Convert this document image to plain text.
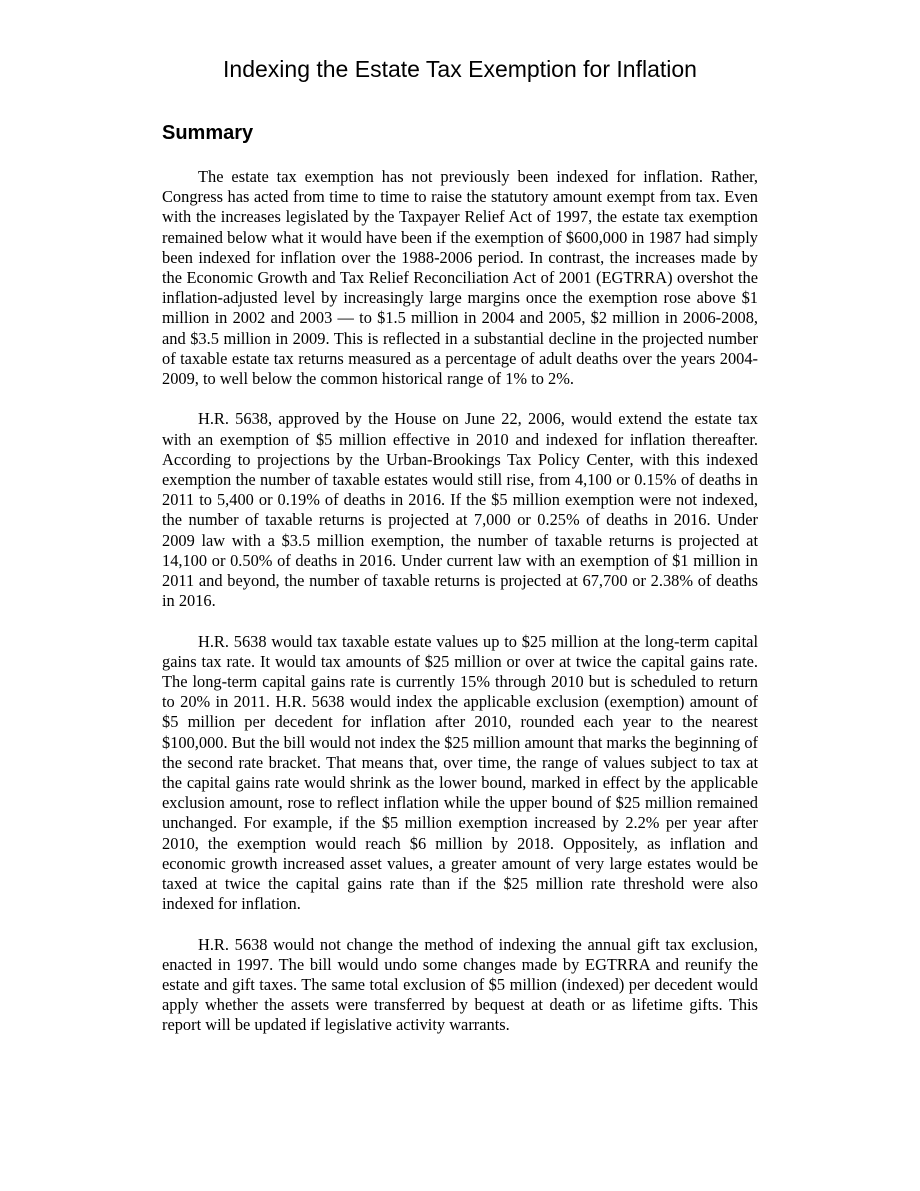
Indexing the Estate Tax Exemption for Inflation
Summary

The estate tax exemption has not previously been indexed for inflation. Rather, Congress has acted from time to time to raise the statutory amount exempt from tax. Even with the increases legislated by the Taxpayer Relief Act of 1997, the estate tax exemption remained below what it would have been if the exemption of $600,000 in 1987 had simply been indexed for inflation over the 1988-2006 period. In contrast, the increases made by the Economic Growth and Tax Relief Reconciliation Act of 2001 (EGTRRA) overshot the inflation-adjusted level by increasingly large margins once the exemption rose above $1 million in 2002 and 2003 — to $1.5 million in 2004 and 2005, $2 million in 2006-2008, and $3.5 million in 2009. This is reflected in a substantial decline in the projected number of taxable estate tax returns measured as a percentage of adult deaths over the years 2004-2009, to well below the common historical range of 1% to 2%.

H.R. 5638, approved by the House on June 22, 2006, would extend the estate tax with an exemption of $5 million effective in 2010 and indexed for inflation thereafter. According to projections by the Urban-Brookings Tax Policy Center, with this indexed exemption the number of taxable estates would still rise, from 4,100 or 0.15% of deaths in 2011 to 5,400 or 0.19% of deaths in 2016. If the $5 million exemption were not indexed, the number of taxable returns is projected at 7,000 or 0.25% of deaths in 2016. Under 2009 law with a $3.5 million exemption, the number of taxable returns is projected at 14,100 or 0.50% of deaths in 2016. Under current law with an exemption of $1 million in 2011 and beyond, the number of taxable returns is projected at 67,700 or 2.38% of deaths in 2016.

H.R. 5638 would tax taxable estate values up to $25 million at the long-term capital gains tax rate. It would tax amounts of $25 million or over at twice the capital gains rate. The long-term capital gains rate is currently 15% through 2010 but is scheduled to return to 20% in 2011. H.R. 5638 would index the applicable exclusion (exemption) amount of $5 million per decedent for inflation after 2010, rounded each year to the nearest $100,000. But the bill would not index the $25 million amount that marks the beginning of the second rate bracket. That means that, over time, the range of values subject to tax at the capital gains rate would shrink as the lower bound, marked in effect by the applicable exclusion amount, rose to reflect inflation while the upper bound of $25 million remained unchanged. For example, if the $5 million exemption increased by 2.2% per year after 2010, the exemption would reach $6 million by 2018. Oppositely, as inflation and economic growth increased asset values, a greater amount of very large estates would be taxed at twice the capital gains rate than if the $25 million rate threshold were also indexed for inflation.

H.R. 5638 would not change the method of indexing the annual gift tax exclusion, enacted in 1997. The bill would undo some changes made by EGTRRA and reunify the estate and gift taxes. The same total exclusion of $5 million (indexed) per decedent would apply whether the assets were transferred by bequest at death or as lifetime gifts. This report will be updated if legislative activity warrants.
